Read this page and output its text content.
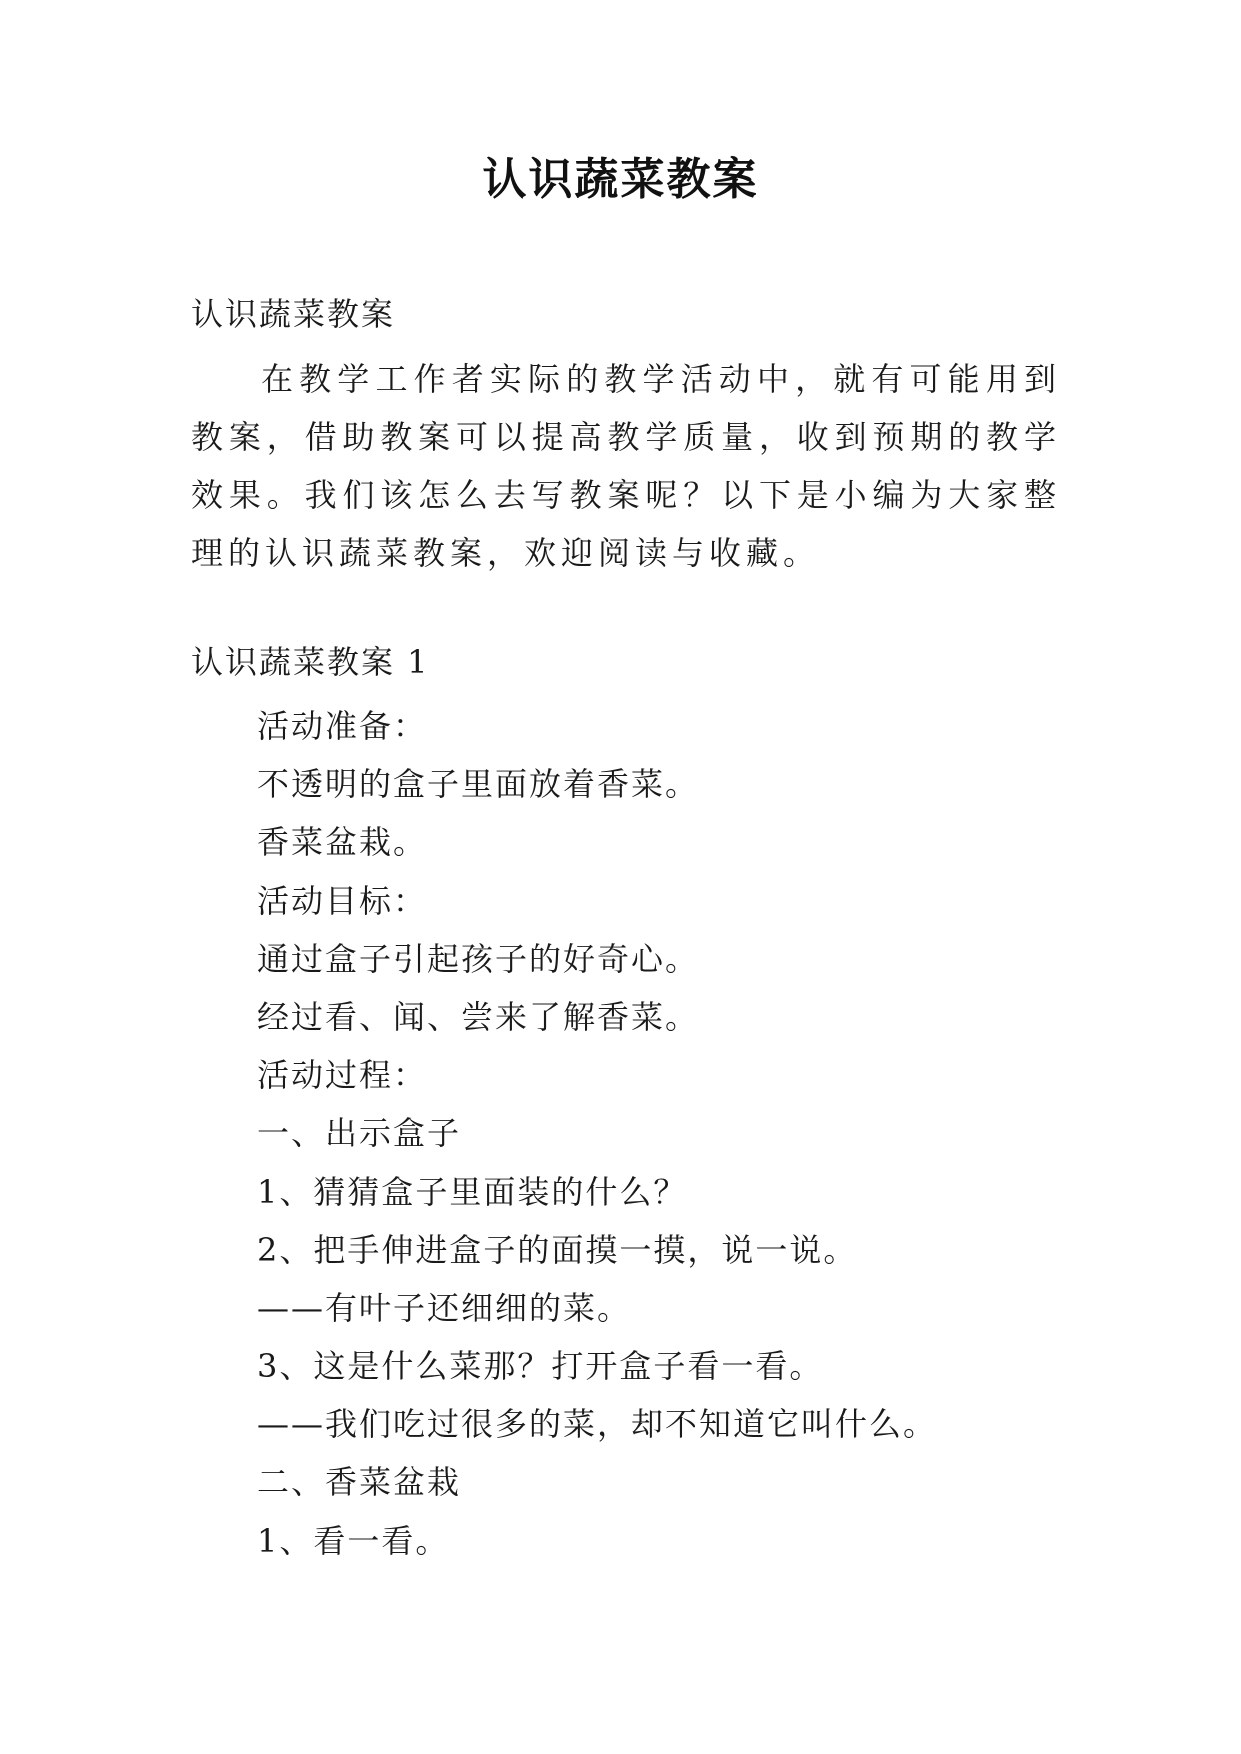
认识蔬菜教案
认识蔬菜教案

在教学工作者实际的教学活动中，就有可能用到教案，借助教案可以提高教学质量，收到预期的教学效果。我们该怎么去写教案呢？以下是小编为大家整理的认识蔬菜教案，欢迎阅读与收藏。

认识蔬菜教案 1
活动准备：
不透明的盒子里面放着香菜。
香菜盆栽。
活动目标：
通过盒子引起孩子的好奇心。
经过看、闻、尝来了解香菜。
活动过程：
一、出示盒子
1、猜猜盒子里面装的什么？
2、把手伸进盒子的面摸一摸，说一说。
——有叶子还细细的菜。
3、这是什么菜那？打开盒子看一看。
——我们吃过很多的菜，却不知道它叫什么。
二、香菜盆栽
1、看一看。
